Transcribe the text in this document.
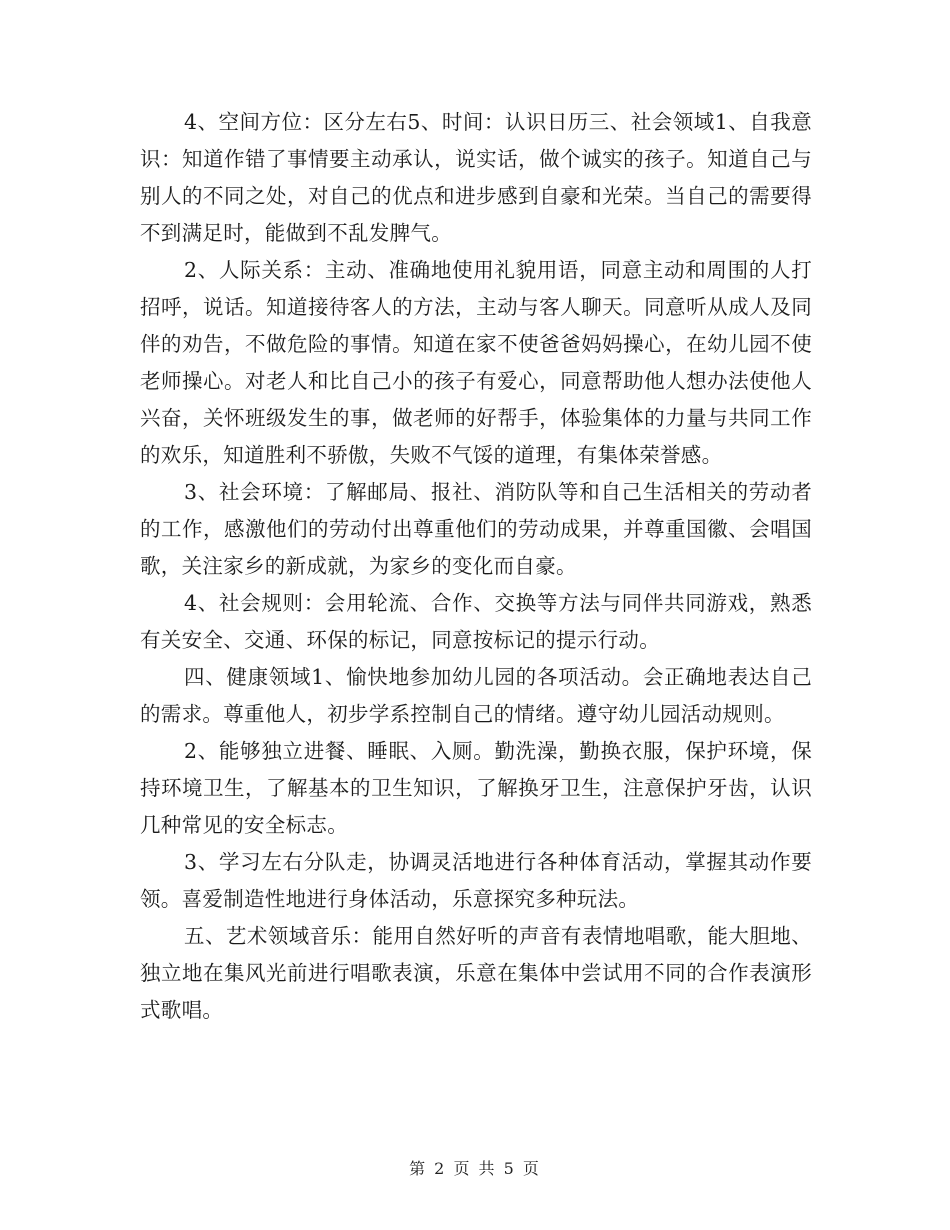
4、空间方位：区分左右5、时间：认识日历三、社会领域1、自我意识：知道作错了事情要主动承认，说实话，做个诚实的孩子。知道自己与别人的不同之处，对自己的优点和进步感到自豪和光荣。当自己的需要得不到满足时，能做到不乱发脾气。

2、人际关系：主动、准确地使用礼貌用语，同意主动和周围的人打招呼，说话。知道接待客人的方法，主动与客人聊天。同意听从成人及同伴的劝告，不做危险的事情。知道在家不使爸爸妈妈操心，在幼儿园不使老师操心。对老人和比自己小的孩子有爱心，同意帮助他人想办法使他人兴奋，关怀班级发生的事，做老师的好帮手，体验集体的力量与共同工作的欢乐，知道胜利不骄傲，失败不气馁的道理，有集体荣誉感。

3、社会环境：了解邮局、报社、消防队等和自己生活相关的劳动者的工作，感激他们的劳动付出尊重他们的劳动成果，并尊重国徽、会唱国歌，关注家乡的新成就，为家乡的变化而自豪。

4、社会规则：会用轮流、合作、交换等方法与同伴共同游戏，熟悉有关安全、交通、环保的标记，同意按标记的提示行动。

四、健康领域1、愉快地参加幼儿园的各项活动。会正确地表达自己的需求。尊重他人，初步学系控制自己的情绪。遵守幼儿园活动规则。

2、能够独立进餐、睡眠、入厕。勤洗澡，勤换衣服，保护环境，保持环境卫生，了解基本的卫生知识，了解换牙卫生，注意保护牙齿，认识几种常见的安全标志。

3、学习左右分队走，协调灵活地进行各种体育活动，掌握其动作要领。喜爱制造性地进行身体活动，乐意探究多种玩法。

五、艺术领域音乐：能用自然好听的声音有表情地唱歌，能大胆地、独立地在集风光前进行唱歌表演，乐意在集体中尝试用不同的合作表演形式歌唱。

第 2 页 共 5 页
